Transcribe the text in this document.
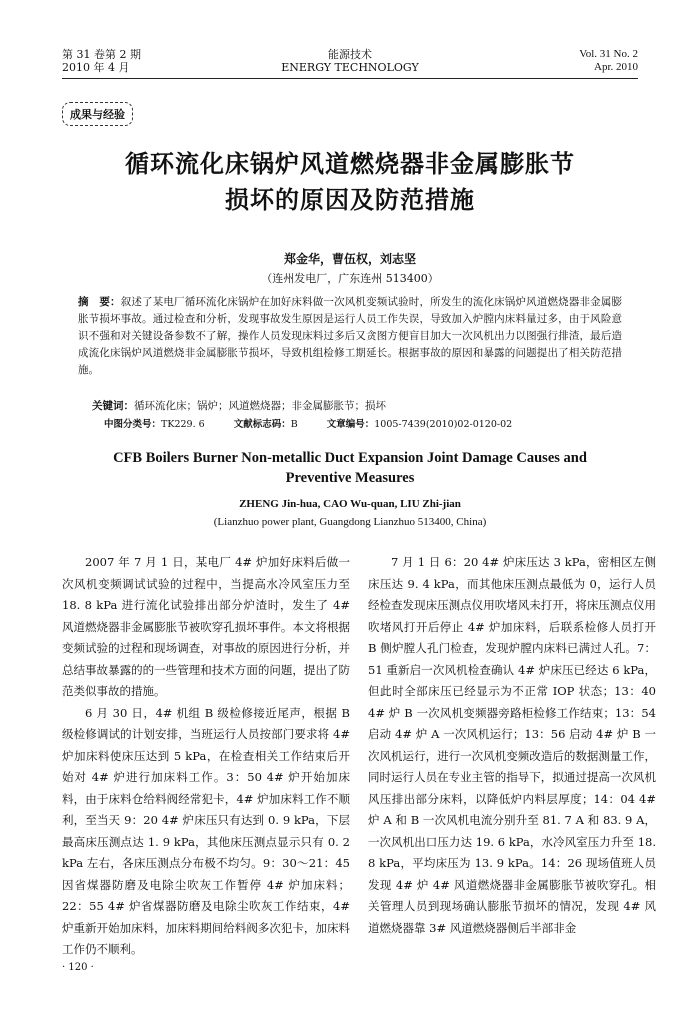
第 31 卷第 2 期
2010 年 4 月
能源技术
ENERGY TECHNOLOGY
Vol. 31 No. 2
Apr. 2010
成果与经验
循环流化床锅炉风道燃烧器非金属膨胀节
损坏的原因及防范措施
郑金华，曹伍权，刘志坚
（连州发电厂，广东连州 513400）
摘　要：叙述了某电厂循环流化床锅炉在加好床料做一次风机变频试验时，所发生的流化床锅炉风道燃烧器非金属膨胀节损坏事故。通过检查和分析，发现事故发生原因是运行人员工作失误，导致加入炉膛内床料量过多，由于风险意识不强和对关键设备参数不了解，操作人员发现床料过多后又贪图方便盲目加大一次风机出力以图强行排渣，最后造成流化床锅炉风道燃烧非金属膨胀节损坏，导致机组检修工期延长。根据事故的原因和暴露的问题提出了相关防范措施。
关键词：循环流化床；锅炉；风道燃烧器；非金属膨胀节；损坏
中图分类号：TK229. 6	文献标志码：B	文章编号：1005-7439(2010)02-0120-02
CFB Boilers Burner Non-metallic Duct Expansion Joint Damage Causes and
Preventive Measures
ZHENG Jin-hua, CAO Wu-quan, LIU Zhi-jian
(Lianzhuo power plant, Guangdong Lianzhuo 513400, China)

2007 年 7 月 1 日，某电厂 4# 炉加好床料后做一次风机变频调试试验的过程中，当提高水冷风室压力至 18. 8 kPa 进行流化试验排出部分炉渣时，发生了 4# 风道燃烧器非金属膨胀节被吹穿孔损坏事件。本文将根据变频试验的过程和现场调查，对事故的原因进行分析，并总结事故暴露的的一些管理和技术方面的问题，提出了防范类似事故的措施。

6 月 30 日，4# 机组 B 级检修接近尾声，根据 B 级检修调试的计划安排，当班运行人员按部门要求将 4# 炉加床料使床压达到 5 kPa，在检查相关工作结束后开始对 4# 炉进行加床料工作。3：50 4# 炉开始加床料，由于床料仓给料阀经常犯卡，4# 炉加床料工作不顺利，至当天 9：20 4# 炉床压只有达到 0. 9 kPa，下层最高床压测点达 1. 9 kPa，其他床压测点显示只有 0. 2 kPa 左右，各床压测点分布极不均匀。9：30～21：45 因省煤器防磨及电除尘吹灰工作暂停 4# 炉加床料；22：55 4# 炉省煤器防磨及电除尘吹灰工作结束，4# 炉重新开始加床料，加床料期间给料阀多次犯卡，加床料工作仍不顺利。

7 月 1 日 6：20 4# 炉床压达 3 kPa，密相区左侧床压达 9. 4 kPa，而其他床压测点最低为 0，运行人员经检查发现床压测点仪用吹堵风未打开，将床压测点仪用吹堵风打开后停止 4# 炉加床料，后联系检修人员打开 B 侧炉膛人孔门检查，发现炉膛内床料已满过人孔。7：51 重新启一次风机检查确认 4# 炉床压已经达 6 kPa，但此时全部床压已经显示为不正常 IOP 状态；13：40 4# 炉 B 一次风机变频器旁路柜检修工作结束；13：54 启动 4# 炉 A 一次风机运行；13：56 启动 4# 炉 B 一次风机运行，进行一次风机变频改造后的数据测量工作，同时运行人员在专业主管的指导下，拟通过提高一次风机风压排出部分床料，以降低炉内料层厚度；14：04 4# 炉 A 和 B 一次风机电流分别升至 81. 7 A 和 83. 9 A，一次风机出口压力达 19. 6 kPa，水冷风室压力升至 18. 8 kPa，平均床压为 13. 9 kPa。14：26 现场值班人员发现 4# 炉 4# 风道燃烧器非金属膨胀节被吹穿孔。相关管理人员到现场确认膨胀节损坏的情况，发现 4# 风道燃烧器靠 3# 风道燃烧器侧后半部非金

· 120 ·
